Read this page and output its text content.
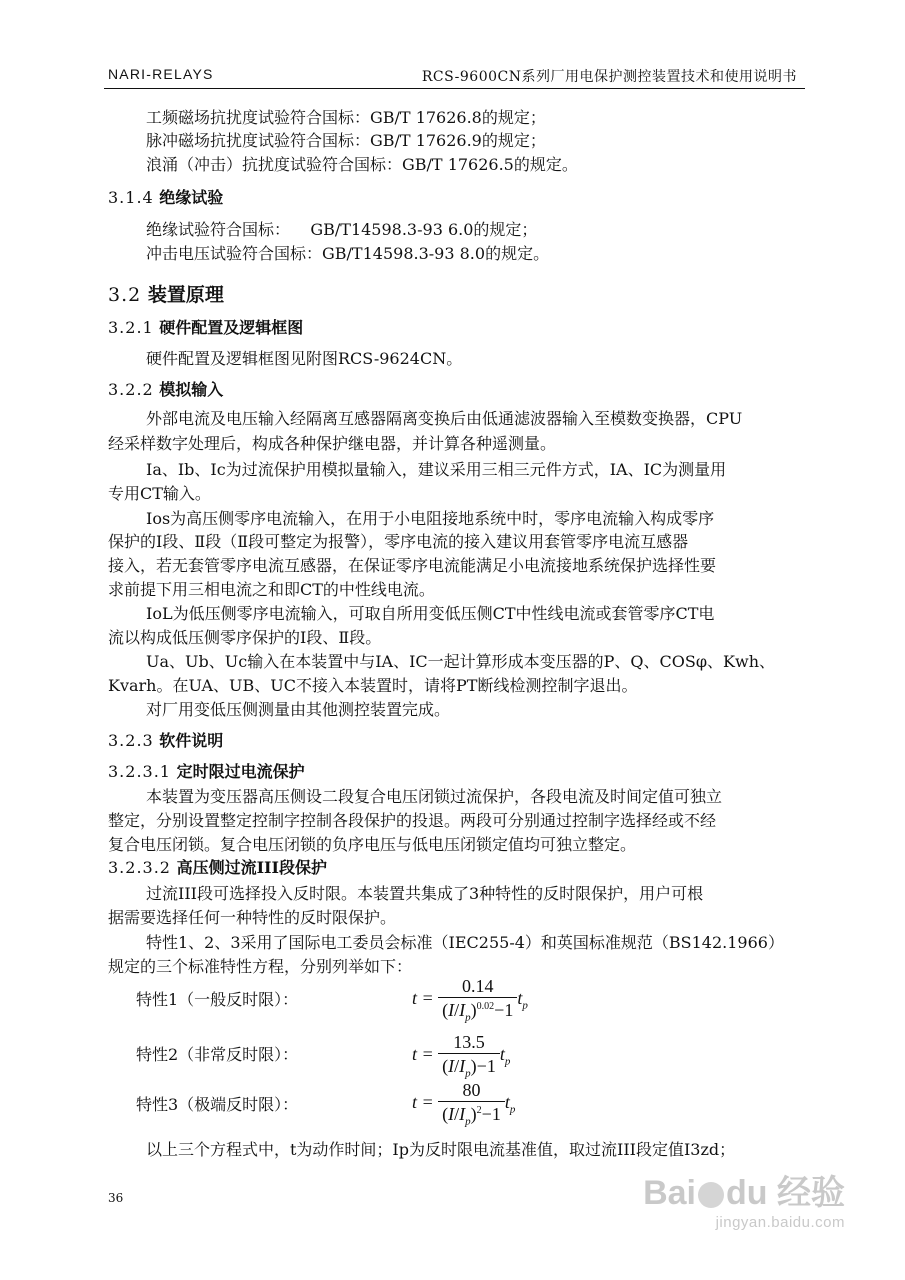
NARI-RELAYS	RCS-9600CN系列厂用电保护测控装置技术和使用说明书
工频磁场抗扰度试验符合国标：GB/T 17626.8的规定；
脉冲磁场抗扰度试验符合国标：GB/T 17626.9的规定；
浪涌（冲击）抗扰度试验符合国标：GB/T 17626.5的规定。
3.1.4 绝缘试验
绝缘试验符合国标：    GB/T14598.3-93 6.0的规定；
冲击电压试验符合国标：GB/T14598.3-93 8.0的规定。
3.2 装置原理
3.2.1 硬件配置及逻辑框图
硬件配置及逻辑框图见附图RCS-9624CN。
3.2.2 模拟输入
外部电流及电压输入经隔离互感器隔离变换后由低通滤波器输入至模数变换器，CPU
经采样数字处理后，构成各种保护继电器，并计算各种遥测量。
Ia、Ib、Ic为过流保护用模拟量输入，建议采用三相三元件方式，IA、IC为测量用
专用CT输入。
Ios为高压侧零序电流输入，在用于小电阻接地系统中时，零序电流输入构成零序
保护的Ⅰ段、Ⅱ段（Ⅱ段可整定为报警），零序电流的接入建议用套管零序电流互感器
接入，若无套管零序电流互感器，在保证零序电流能满足小电流接地系统保护选择性要
求前提下用三相电流之和即CT的中性线电流。
IoL为低压侧零序电流输入，可取自所用变低压侧CT中性线电流或套管零序CT电
流以构成低压侧零序保护的Ⅰ段、Ⅱ段。
Ua、Ub、Uc输入在本装置中与IA、IC一起计算形成本变压器的P、Q、COSφ、Kwh、
Kvarh。在UA、UB、UC不接入本装置时，请将PT断线检测控制字退出。
对厂用变低压侧测量由其他测控装置完成。
3.2.3 软件说明
3.2.3.1 定时限过电流保护
本装置为变压器高压侧设二段复合电压闭锁过流保护，各段电流及时间定值可独立
整定，分别设置整定控制字控制各段保护的投退。两段可分别通过控制字选择经或不经
复合电压闭锁。复合电压闭锁的负序电压与低电压闭锁定值均可独立整定。
3.2.3.2 高压侧过流III段保护
过流III段可选择投入反时限。本装置共集成了3种特性的反时限保护，用户可根
据需要选择任何一种特性的反时限保护。
特性1、2、3采用了国际电工委员会标准（IEC255-4）和英国标准规范（BS142.1966）
规定的三个标准特性方程，分别列举如下：
特性1（一般反时限）：	$t = \frac{0.14}{(I/I_p)^{0.02}-1} t_p$
特性2（非常反时限）：	$t = \frac{13.5}{(I/I_p)-1} t_p$
特性3（极端反时限）：	$t = \frac{80}{(I/I_p)^2-1} t_p$
以上三个方程式中，t为动作时间；Ip为反时限电流基准值，取过流III段定值I3zd；
36	Bai du 经验
jingyan.baidu.com
